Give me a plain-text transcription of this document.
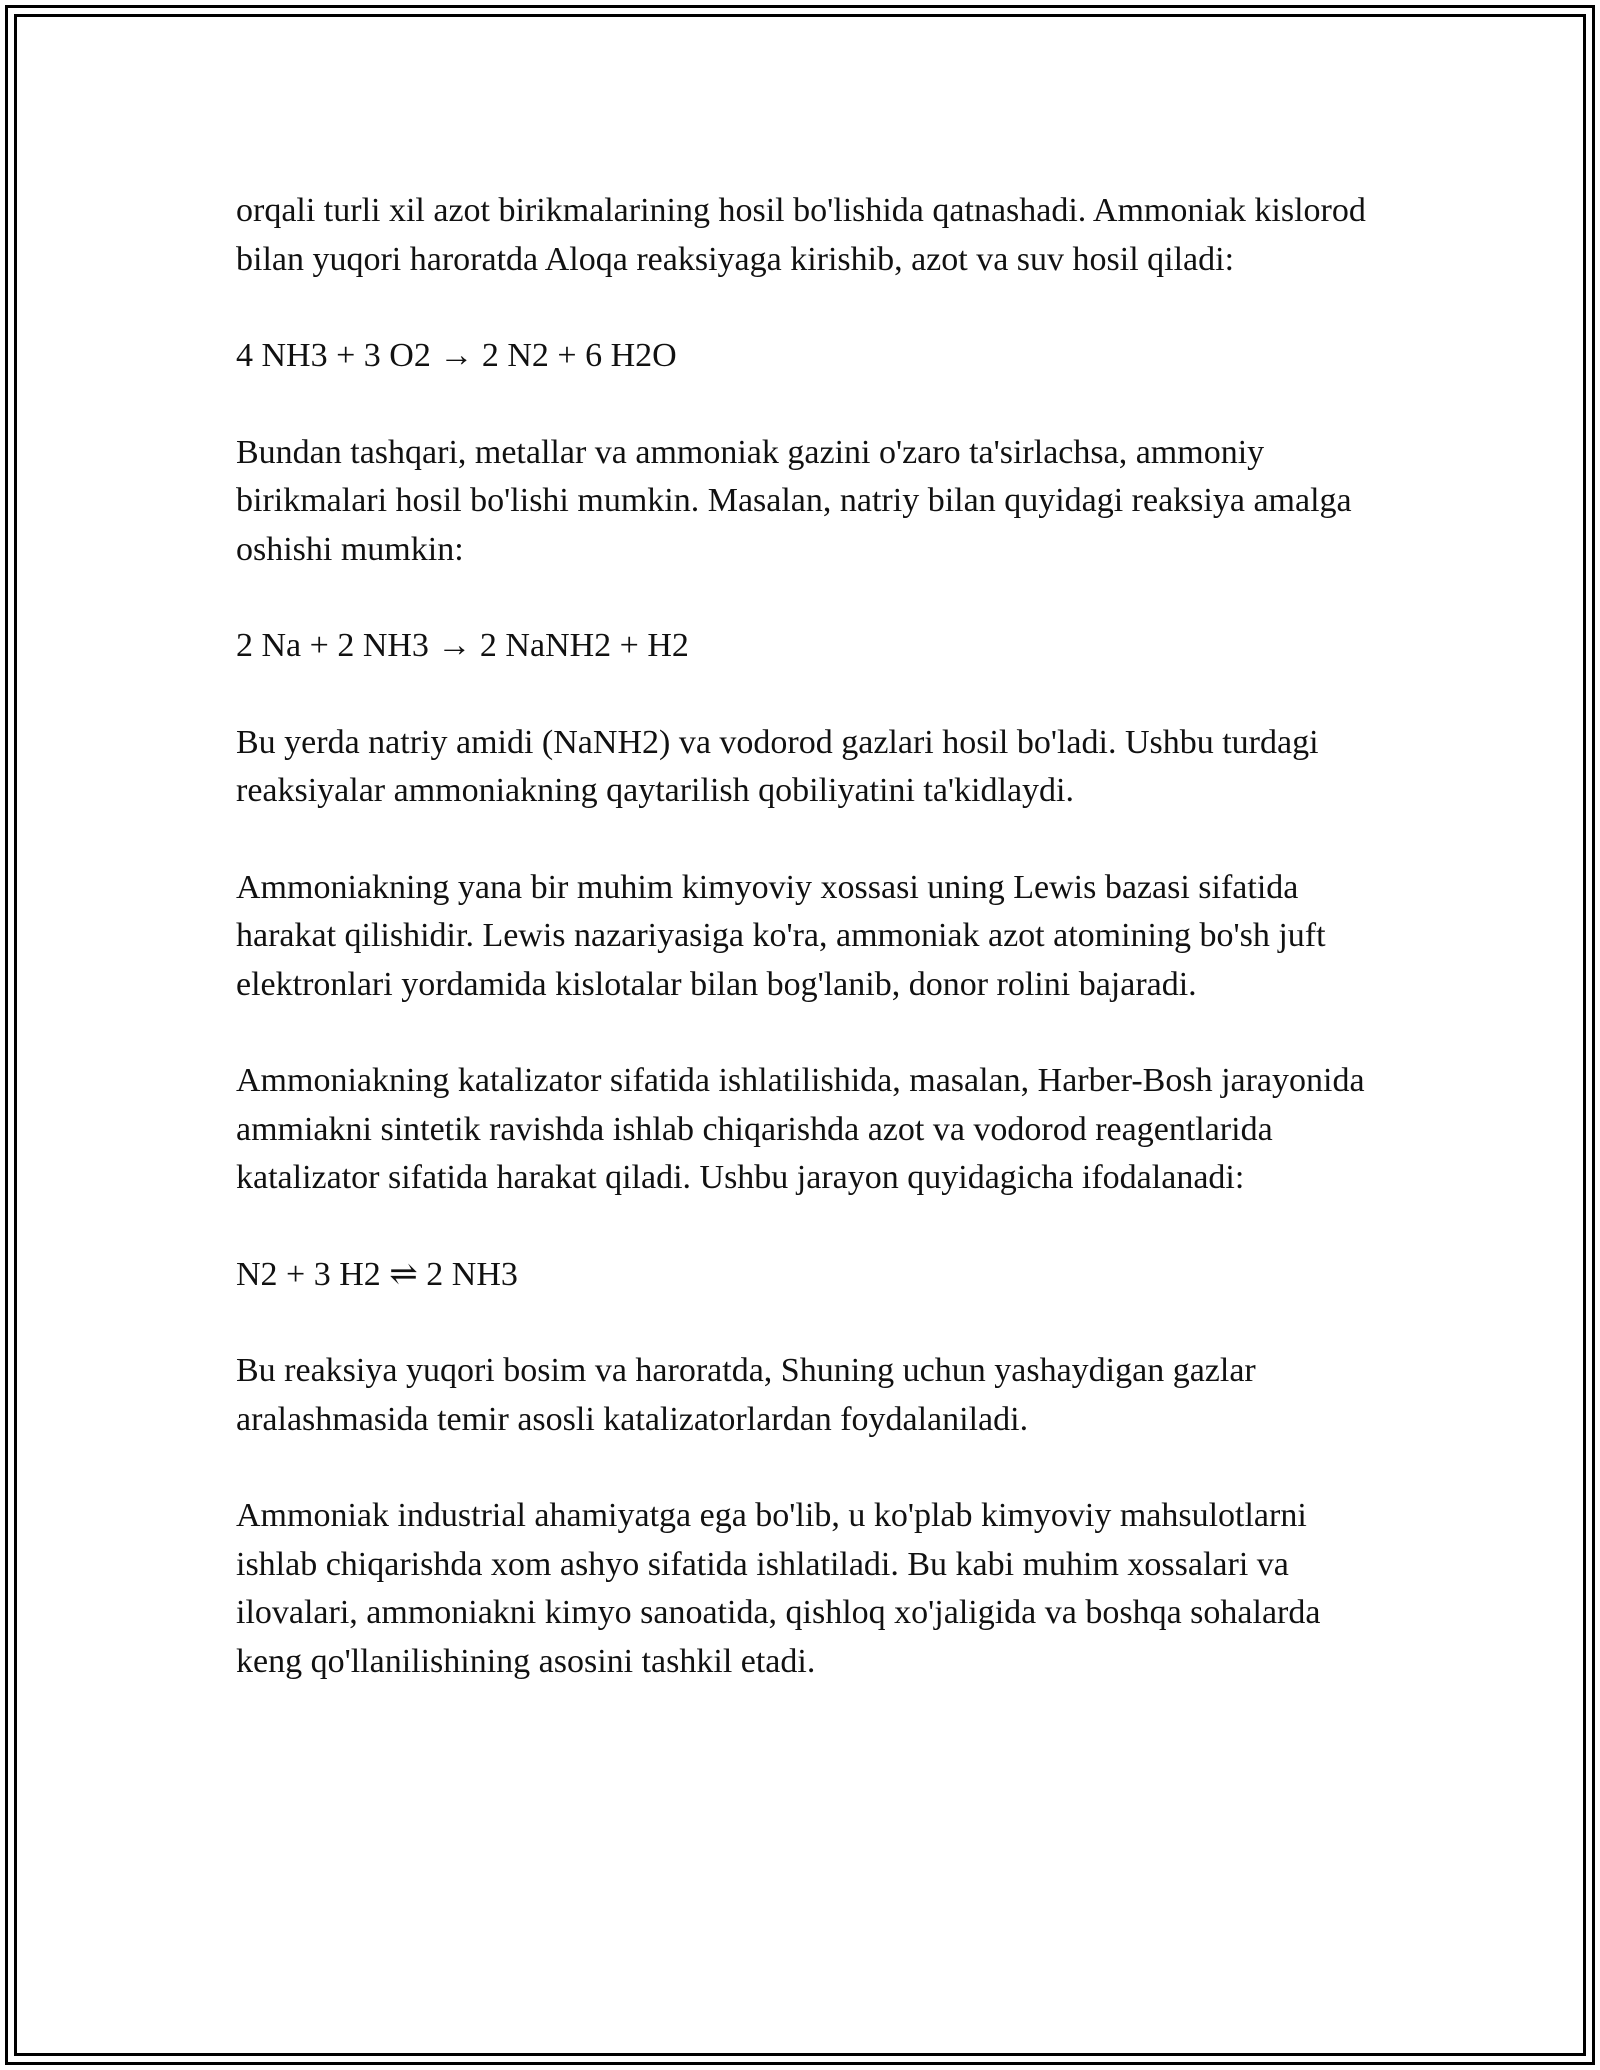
orqali turli xil azot birikmalarining hosil bo'lishida qatnashadi. Ammoniak kislorod bilan yuqori haroratda Aloqa reaksiyaga kirishib, azot va suv hosil qiladi:

4 NH3 + 3 O2 → 2 N2 + 6 H2O

Bundan tashqari, metallar va ammoniak gazini o'zaro ta'sirlachsa, ammoniy birikmalari hosil bo'lishi mumkin. Masalan, natriy bilan quyidagi reaksiya amalga oshishi mumkin:

2 Na + 2 NH3 → 2 NaNH2 + H2

Bu yerda natriy amidi (NaNH2) va vodorod gazlari hosil bo'ladi. Ushbu turdagi reaksiyalar ammoniakning qaytarilish qobiliyatini ta'kidlaydi.

Ammoniakning yana bir muhim kimyoviy xossasi uning Lewis bazasi sifatida harakat qilishidir. Lewis nazariyasiga ko'ra, ammoniak azot atomining bo'sh juft elektronlari yordamida kislotalar bilan bog'lanib, donor rolini bajaradi.

Ammoniakning katalizator sifatida ishlatilishida, masalan, Harber-Bosh jarayonida ammiakni sintetik ravishda ishlab chiqarishda azot va vodorod reagentlarida katalizator sifatida harakat qiladi. Ushbu jarayon quyidagicha ifodalanadi:

N2 + 3 H2 ⇌ 2 NH3

Bu reaksiya yuqori bosim va haroratda, Shuning uchun yashaydigan gazlar aralashmasida temir asosli katalizatorlardan foydalaniladi.

Ammoniak industrial ahamiyatga ega bo'lib, u ko'plab kimyoviy mahsulotlarni ishlab chiqarishda xom ashyo sifatida ishlatiladi. Bu kabi muhim xossalari va ilovalari, ammoniakni kimyo sanoatida, qishloq xo'jaligida va boshqa sohalarda keng qo'llanilishining asosini tashkil etadi.
